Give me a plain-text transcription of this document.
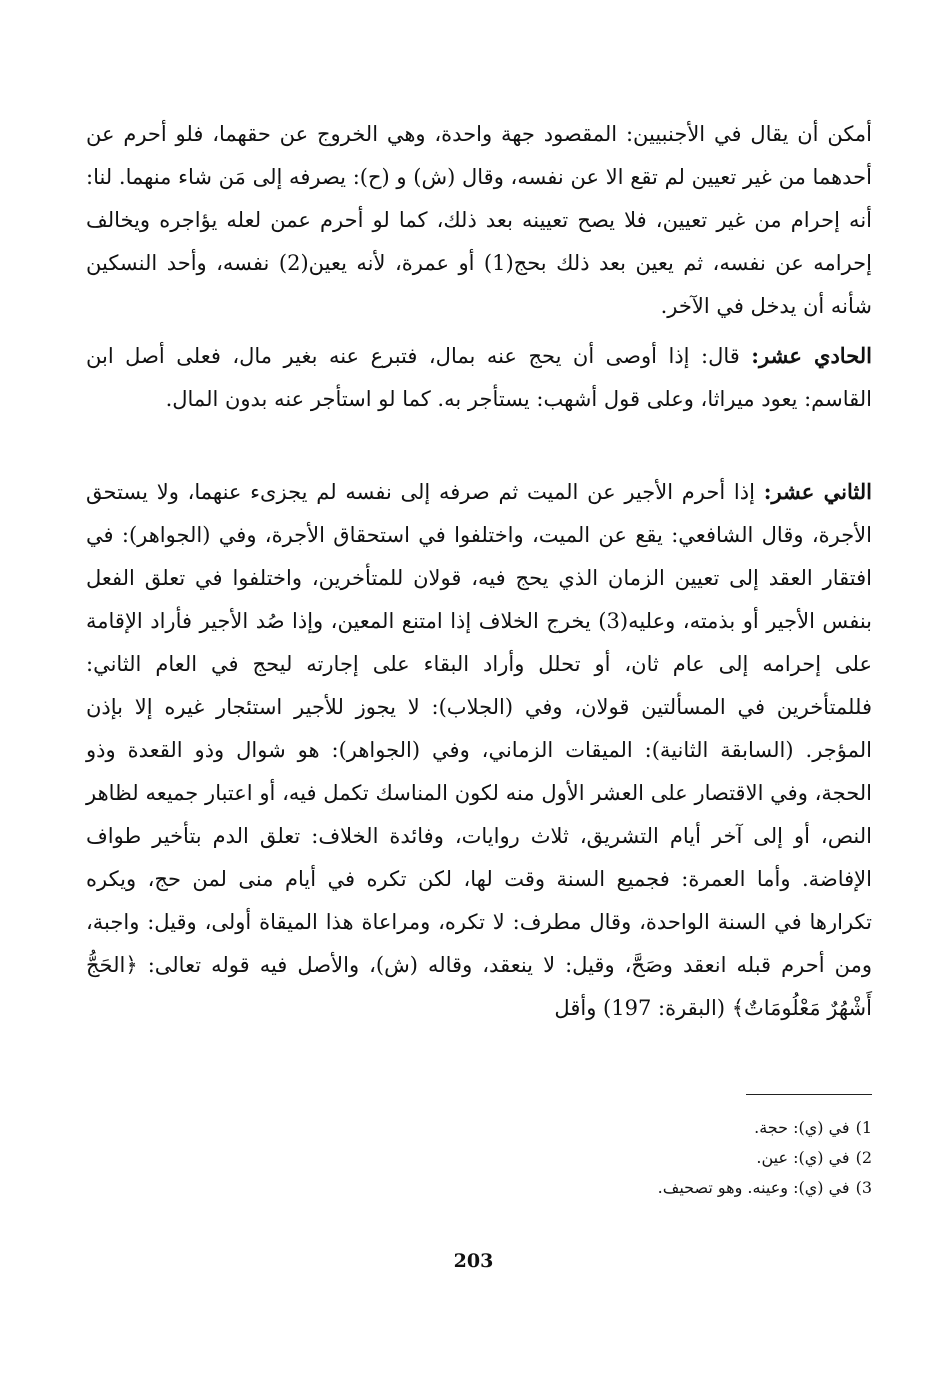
أمكن أن يقال في الأجنبيين: المقصود جهة واحدة، وهي الخروج عن حقهما، فلو أحرم عن أحدهما من غير تعيين لم تقع الا عن نفسه، وقال (ش) و (ح): يصرفه إلى مَن شاء منهما. لنا: أنه إحرام من غير تعيين، فلا يصح تعيينه بعد ذلك، كما لو أحرم عمن لعله يؤاجره ويخالف إحرامه عن نفسه، ثم يعين بعد ذلك بحج(1) أو عمرة، لأنه يعين(2) نفسه، وأحد النسكين شأنه أن يدخل في الآخر.

الحادي عشر: قال: إذا أوصى أن يحج عنه بمال، فتبرع عنه بغير مال، فعلى أصل ابن القاسم: يعود ميراثا، وعلى قول أشهب: يستأجر به. كما لو استأجر عنه بدون المال.

الثاني عشر: إذا أحرم الأجير عن الميت ثم صرفه إلى نفسه لم يجزىء عنهما، ولا يستحق الأجرة، وقال الشافعي: يقع عن الميت، واختلفوا في استحقاق الأجرة، وفي (الجواهر): في افتقار العقد إلى تعيين الزمان الذي يحج فيه، قولان للمتأخرين، واختلفوا في تعلق الفعل بنفس الأجير أو بذمته، وعليه(3) يخرج الخلاف إذا امتنع المعين، وإذا صُد الأجير فأراد الإقامة على إحرامه إلى عام ثان، أو تحلل وأراد البقاء على إجارته ليحج في العام الثاني: فللمتأخرين في المسألتين قولان، وفي (الجلاب): لا يجوز للأجير استئجار غيره إلا بإذن المؤجر. (السابقة الثانية): الميقات الزماني، وفي (الجواهر): هو شوال وذو القعدة وذو الحجة، وفي الاقتصار على العشر الأول منه لكون المناسك تكمل فيه، أو اعتبار جميعه لظاهر النص، أو إلى آخر أيام التشريق، ثلاث روايات، وفائدة الخلاف: تعلق الدم بتأخير طواف الإفاضة. وأما العمرة: فجميع السنة وقت لها، لكن تكره في أيام منى لمن حج، ويكره تكرارها في السنة الواحدة، وقال مطرف: لا تكره، ومراعاة هذا الميقاة أولى، وقيل: واجبة، ومن أحرم قبله انعقد وصَحَّ، وقيل: لا ينعقد، وقاله (ش)، والأصل فيه قوله تعالى: ﴿الحَجُّ أَشْهُرٌ مَعْلُومَاتٌ﴾ (البقرة: 197) وأقل

1)في (ي): حجة.
2)في (ي): عين.
3)في (ي): وعينه. وهو تصحيف.
203
